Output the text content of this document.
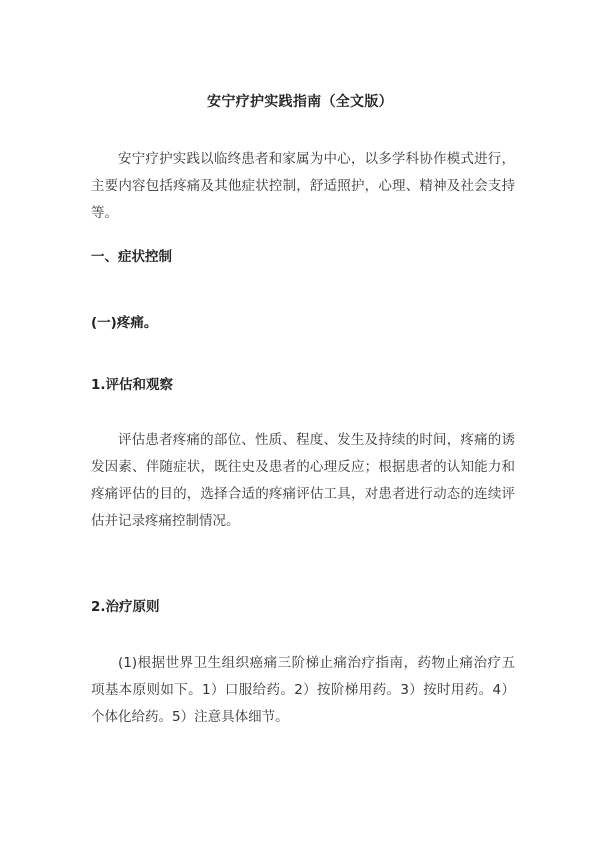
安宁疗护实践指南（全文版）
安宁疗护实践以临终患者和家属为中心，以多学科协作模式进行，主要内容包括疼痛及其他症状控制，舒适照护，心理、精神及社会支持等。
一、症状控制
(一)疼痛。
1.评估和观察
评估患者疼痛的部位、性质、程度、发生及持续的时间，疼痛的诱发因素、伴随症状，既往史及患者的心理反应；根据患者的认知能力和疼痛评估的目的，选择合适的疼痛评估工具，对患者进行动态的连续评估并记录疼痛控制情况。
2.治疗原则
(1)根据世界卫生组织癌痛三阶梯止痛治疗指南，药物止痛治疗五项基本原则如下。1）口服给药。2）按阶梯用药。3）按时用药。4）个体化给药。5）注意具体细节。
